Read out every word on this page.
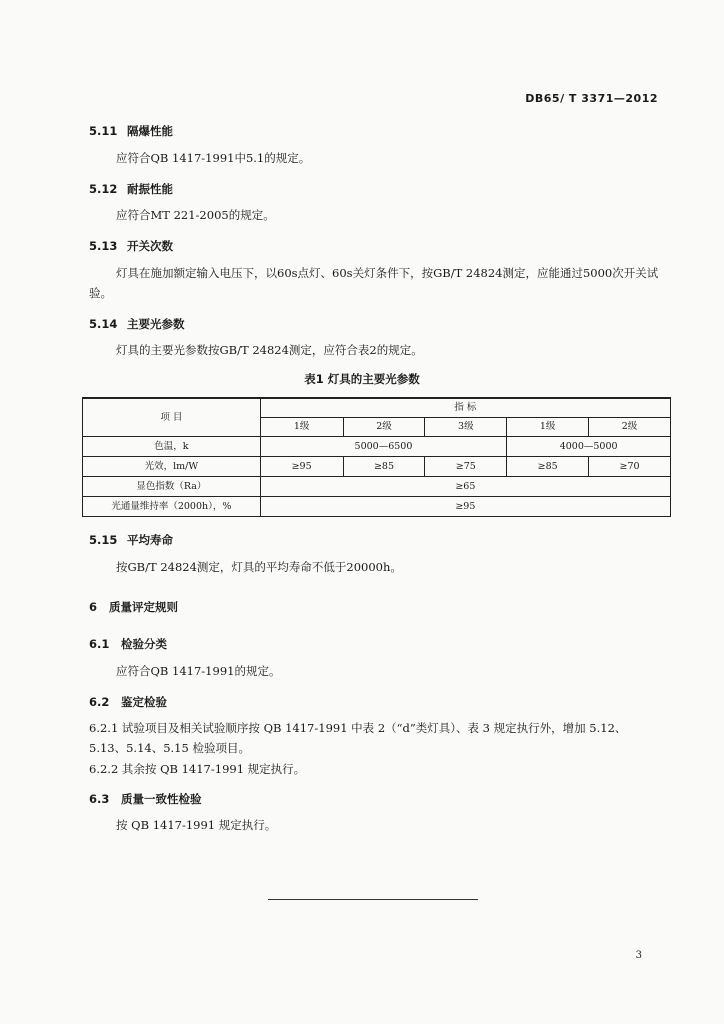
DB65/ T 3371—2012
5.11 隔爆性能
应符合QB 1417-1991中5.1的规定。
5.12 耐振性能
应符合MT 221-2005的规定。
5.13 开关次数
灯具在施加额定输入电压下，以60s点灯、60s关灯条件下，按GB/T 24824测定，应能通过5000次开关试验。
5.14 主要光参数
灯具的主要光参数按GB/T 24824测定，应符合表2的规定。
表1 灯具的主要光参数
项 目	指 标				
	1级	2级	3级	1级	2级
色温，k	5000—6500			4000—5000	
光效，lm/W	≥95	≥85	≥75	≥85	≥70
显色指数（Ra）	≥65				
光通量维持率（2000h），%	≥95				
5.15 平均寿命
按GB/T 24824测定，灯具的平均寿命不低于20000h。
6 质量评定规则
6.1 检验分类
应符合QB 1417-1991的规定。
6.2 鉴定检验
6.2.1 试验项目及相关试验顺序按 QB 1417-1991 中表 2（“d”类灯具）、表 3 规定执行外，增加 5.12、5.13、5.14、5.15 检验项目。
6.2.2 其余按 QB 1417-1991 规定执行。
6.3 质量一致性检验
按 QB 1417-1991 规定执行。
3
